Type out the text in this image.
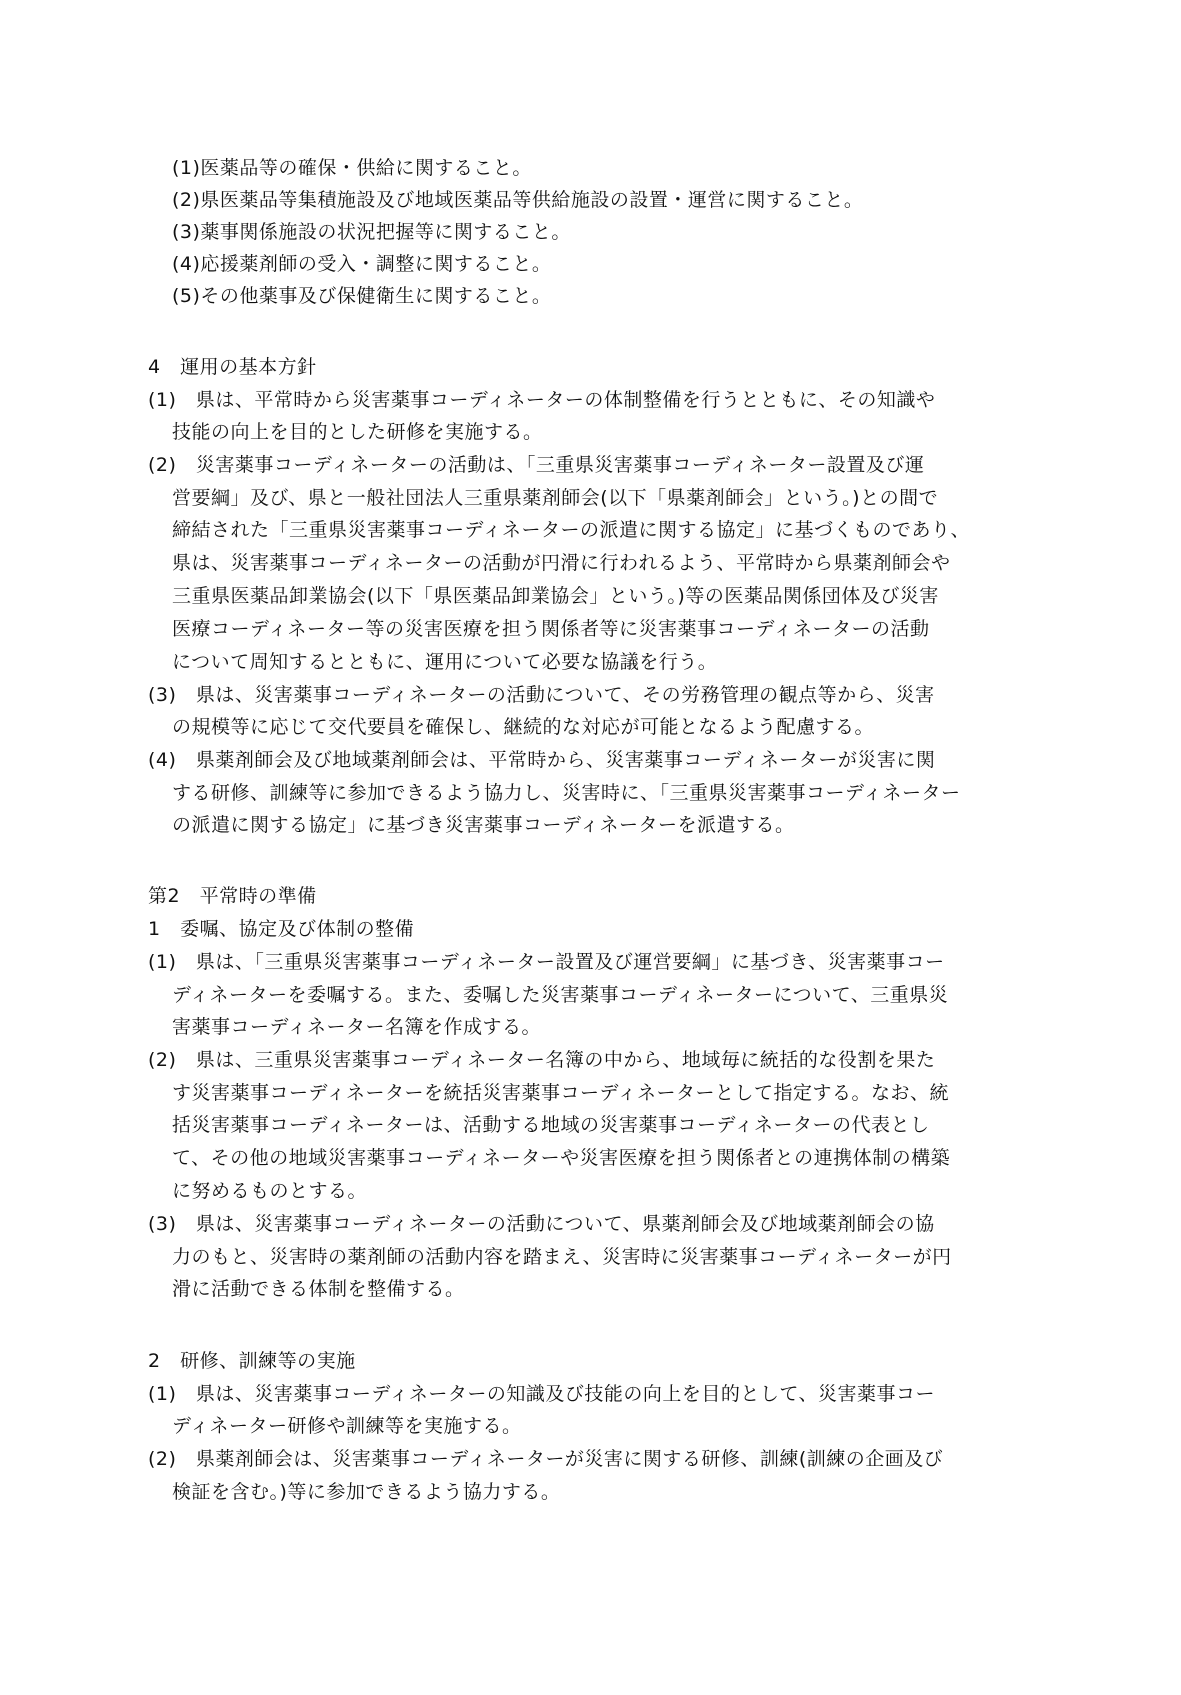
(1)医薬品等の確保・供給に関すること。
(2)県医薬品等集積施設及び地域医薬品等供給施設の設置・運営に関すること。
(3)薬事関係施設の状況把握等に関すること。
(4)応援薬剤師の受入・調整に関すること。
(5)その他薬事及び保健衛生に関すること。
4　運用の基本方針
(1)　県は、平常時から災害薬事コーディネーターの体制整備を行うとともに、その知識や
技能の向上を目的とした研修を実施する。
(2)　災害薬事コーディネーターの活動は、「三重県災害薬事コーディネーター設置及び運
営要綱」及び、県と一般社団法人三重県薬剤師会(以下「県薬剤師会」という。)との間で
締結された「三重県災害薬事コーディネーターの派遣に関する協定」に基づくものであり、
県は、災害薬事コーディネーターの活動が円滑に行われるよう、平常時から県薬剤師会や
三重県医薬品卸業協会(以下「県医薬品卸業協会」という。)等の医薬品関係団体及び災害
医療コーディネーター等の災害医療を担う関係者等に災害薬事コーディネーターの活動
について周知するとともに、運用について必要な協議を行う。
(3)　県は、災害薬事コーディネーターの活動について、その労務管理の観点等から、災害
の規模等に応じて交代要員を確保し、継続的な対応が可能となるよう配慮する。
(4)　県薬剤師会及び地域薬剤師会は、平常時から、災害薬事コーディネーターが災害に関
する研修、訓練等に参加できるよう協力し、災害時に、「三重県災害薬事コーディネーター
の派遣に関する協定」に基づき災害薬事コーディネーターを派遣する。
第2　平常時の準備
1　委嘱、協定及び体制の整備
(1)　県は、「三重県災害薬事コーディネーター設置及び運営要綱」に基づき、災害薬事コー
ディネーターを委嘱する。また、委嘱した災害薬事コーディネーターについて、三重県災
害薬事コーディネーター名簿を作成する。
(2)　県は、三重県災害薬事コーディネーター名簿の中から、地域毎に統括的な役割を果た
す災害薬事コーディネーターを統括災害薬事コーディネーターとして指定する。なお、統
括災害薬事コーディネーターは、活動する地域の災害薬事コーディネーターの代表とし
て、その他の地域災害薬事コーディネーターや災害医療を担う関係者との連携体制の構築
に努めるものとする。
(3)　県は、災害薬事コーディネーターの活動について、県薬剤師会及び地域薬剤師会の協
力のもと、災害時の薬剤師の活動内容を踏まえ、災害時に災害薬事コーディネーターが円
滑に活動できる体制を整備する。
2　研修、訓練等の実施
(1)　県は、災害薬事コーディネーターの知識及び技能の向上を目的として、災害薬事コー
ディネーター研修や訓練等を実施する。
(2)　県薬剤師会は、災害薬事コーディネーターが災害に関する研修、訓練(訓練の企画及び
検証を含む。)等に参加できるよう協力する。
